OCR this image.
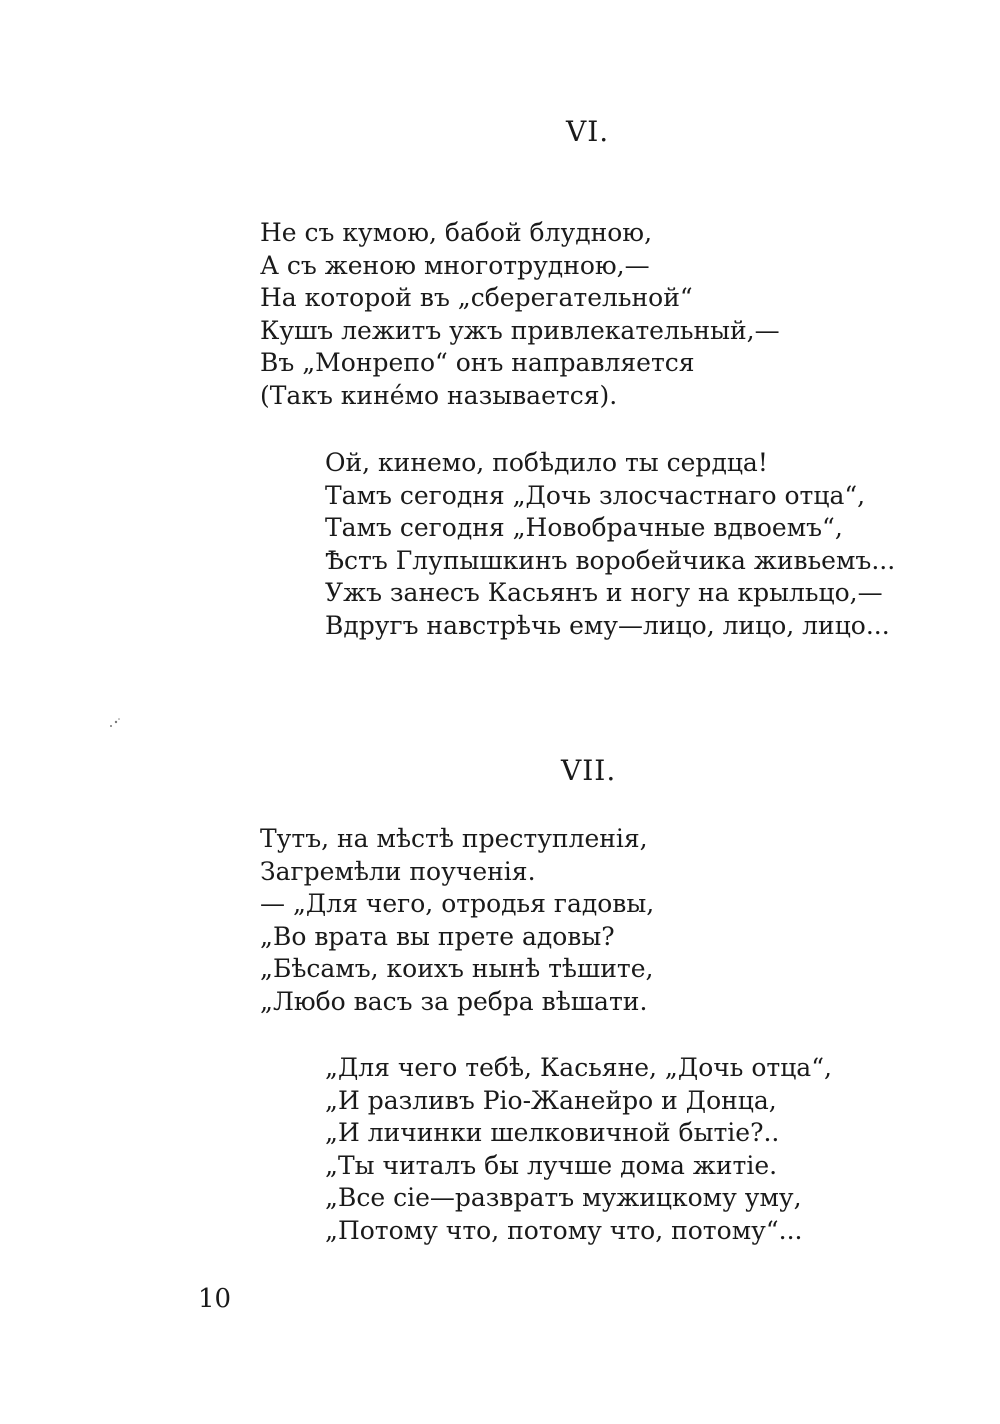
VI.
Не съ кумою, бабой блудною,
А съ женою многотрудною,—
На которой въ „сберегательной“
Кушъ лежитъ ужъ привлекательный,—
Въ „Монрепо“ онъ направляется
(Такъ кине́мо называется).
Ой, кинемо, побѣдило ты сердца!
Тамъ сегодня „Дочь злосчастнаго отца“,
Тамъ сегодня „Новобрачные вдвоемъ“,
Ѣстъ Глупышкинъ воробейчика живьемъ...
Ужъ занесъ Касьянъ и ногу на крыльцо,—
Вдругъ навстрѣчь ему—лицо, лицо, лицо...
VII.
Тутъ, на мѣстѣ преступленія,
Загремѣли поученія.
— „Для чего, отродья гадовы,
„Во врата вы прете адовы?
„Бѣсамъ, коихъ нынѣ тѣшите,
„Любо васъ за ребра вѣшати.
„Для чего тебѣ, Касьяне, „Дочь отца“,
„И разливъ Ріо-Жанейро и Донца,
„И личинки шелковичной бытіе?..
„Ты читалъ бы лучше дома житіе.
„Все сіе—развратъ мужицкому уму,
„Потому что, потому что, потому“...
10
